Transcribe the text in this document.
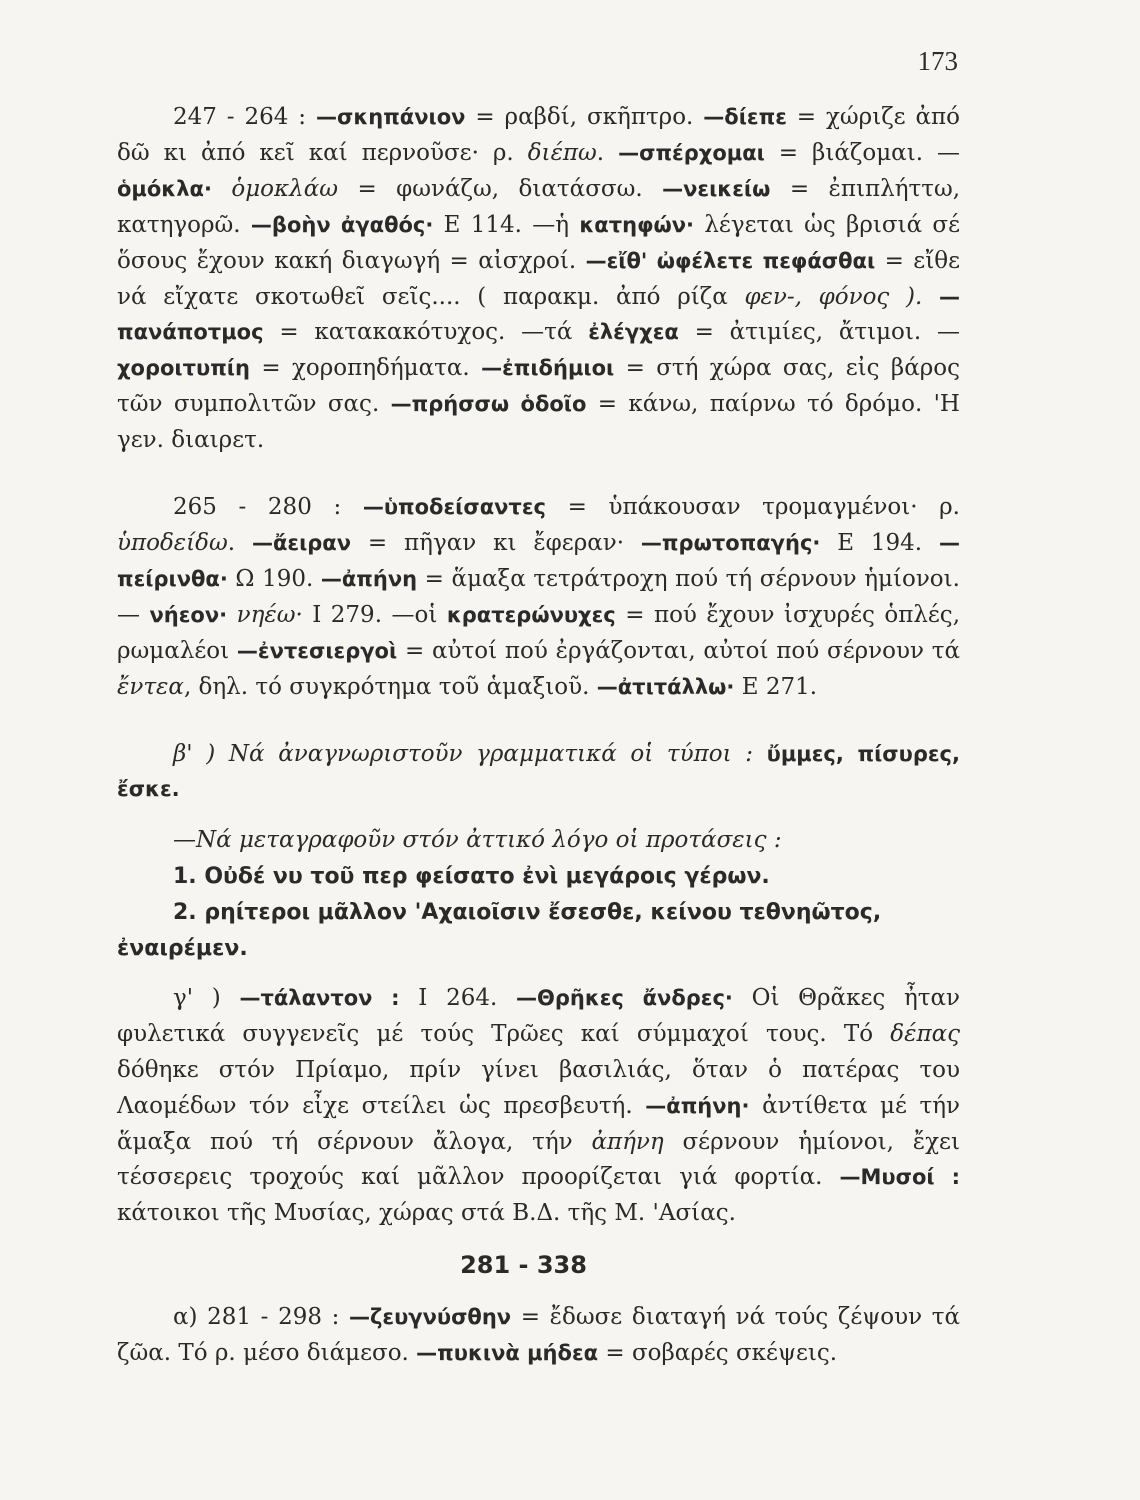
173

247 - 264 : —σκηπάνιον = ραβδί, σκῆπτρο. —δίεπε = χώριζε ἀπό δῶ κι ἀπό κεῖ καί περνοῦσε· ρ. διέπω. —σπέρχομαι = βιάζομαι. — ὁμόκλα· ὁμοκλάω = φωνάζω, διατάσσω. —νεικείω = ἐπιπλήττω, κατηγορῶ. —βοὴν ἀγαθός· Ε 114. —ἡ κατηφών· λέγεται ὡς βρισιά σέ ὅσους ἔχουν κακή διαγωγή = αἰσχροί. —εἴθ' ὠφέλετε πεφάσθαι = εἴθε νά εἴχατε σκοτωθεῖ σεῖς.... ( παρακμ. ἀπό ρίζα φεν-, φόνος ). —πανάποτμος = κατακακότυχος. —τά ἐλέγχεα = ἀτιμίες, ἄτιμοι. — χοροιτυπίη = χοροπηδήματα. —ἐπιδήμιοι = στή χώρα σας, εἰς βάρος τῶν συμπολιτῶν σας. —πρήσσω ὁδοῖο = κάνω, παίρνω τό δρόμο. 'Η γεν. διαιρετ.

265 - 280 : —ὑποδείσαντες = ὑπάκουσαν τρομαγμένοι· ρ. ὑποδείδω. —ἄειραν = πῆγαν κι ἔφεραν· —πρωτοπαγής· Ε 194. —πείρινθα· Ω 190. —ἀπήνη = ἅμαξα τετράτροχη πού τή σέρνουν ἡμίονοι. — νήεον· νηέω· Ι 279. —οἱ κρατερώνυχες = πού ἔχουν ἰσχυρές ὁπλές, ρωμαλέοι —ἐντεσιεργοὶ = αὐτοί πού ἐργάζονται, αὐτοί πού σέρνουν τά ἔντεα, δηλ. τό συγκρότημα τοῦ ἁμαξιοῦ. —ἀτιτάλλω· Ε 271.

β' ) Νά ἀναγνωριστοῦν γραμματικά οἱ τύποι : ὔμμες, πίσυρες, ἔσκε.

—Νά μεταγραφοῦν στόν ἀττικό λόγο οἱ προτάσεις :

1. Οὐδέ νυ τοῦ περ φείσατο ἐνὶ μεγάροις γέρων.

2. ρηίτεροι μᾶλλον 'Αχαιοῖσιν ἔσεσθε, κείνου τεθνηῶτος, ἐναιρέμεν.

γ' ) —τάλαντον : Ι 264. —Θρῆκες ἄνδρες· Οἱ Θρᾶκες ἦταν φυλετικά συγγενεῖς μέ τούς Τρῶες καί σύμμαχοί τους. Τό δέπας δόθηκε στόν Πρίαμο, πρίν γίνει βασιλιάς, ὅταν ὁ πατέρας του Λαομέδων τόν εἶχε στείλει ὡς πρεσβευτή. —ἀπήνη· ἀντίθετα μέ τήν ἅμαξα πού τή σέρνουν ἄλογα, τήν ἀπήνη σέρνουν ἡμίονοι, ἔχει τέσσερεις τροχούς καί μᾶλλον προορίζεται γιά φορτία. —Μυσοί : κάτοικοι τῆς Μυσίας, χώρας στά Β.Δ. τῆς Μ. 'Ασίας.

281 - 338

α) 281 - 298 : —ζευγνύσθην = ἔδωσε διαταγή νά τούς ζέψουν τά ζῶα. Τό ρ. μέσο διάμεσο. —πυκινὰ μήδεα = σοβαρές σκέψεις.
